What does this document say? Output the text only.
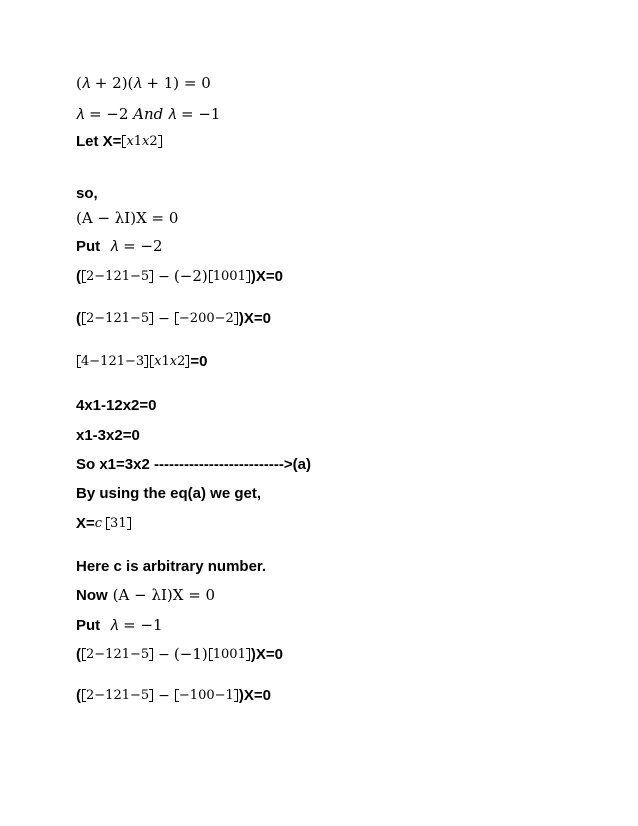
(𝜆 + 2)(𝜆 + 1) = 0
𝜆 = −2 𝐴𝑛𝑑 𝜆 = −1
Let X= 𝑥1𝑥2
so,
(A − λI)X = 0
Put 𝜆 = −2
( 2−121−5 − (−2) 1001 ) X=0
( 2−121−5 − −200−2 ) X=0
4−121−3 𝑥1𝑥2 =0
4x1-12x2=0
x1-3x2=0
So x1=3x2 -------------------------->(a)
By using the eq(a) we get,
X= 𝑐 31
Here c is arbitrary number.
Now (A − λI)X = 0
Put 𝜆 = −1
( 2−121−5 − (−1) 1001 ) X=0
( 2−121−5 − −100−1 ) X=0
